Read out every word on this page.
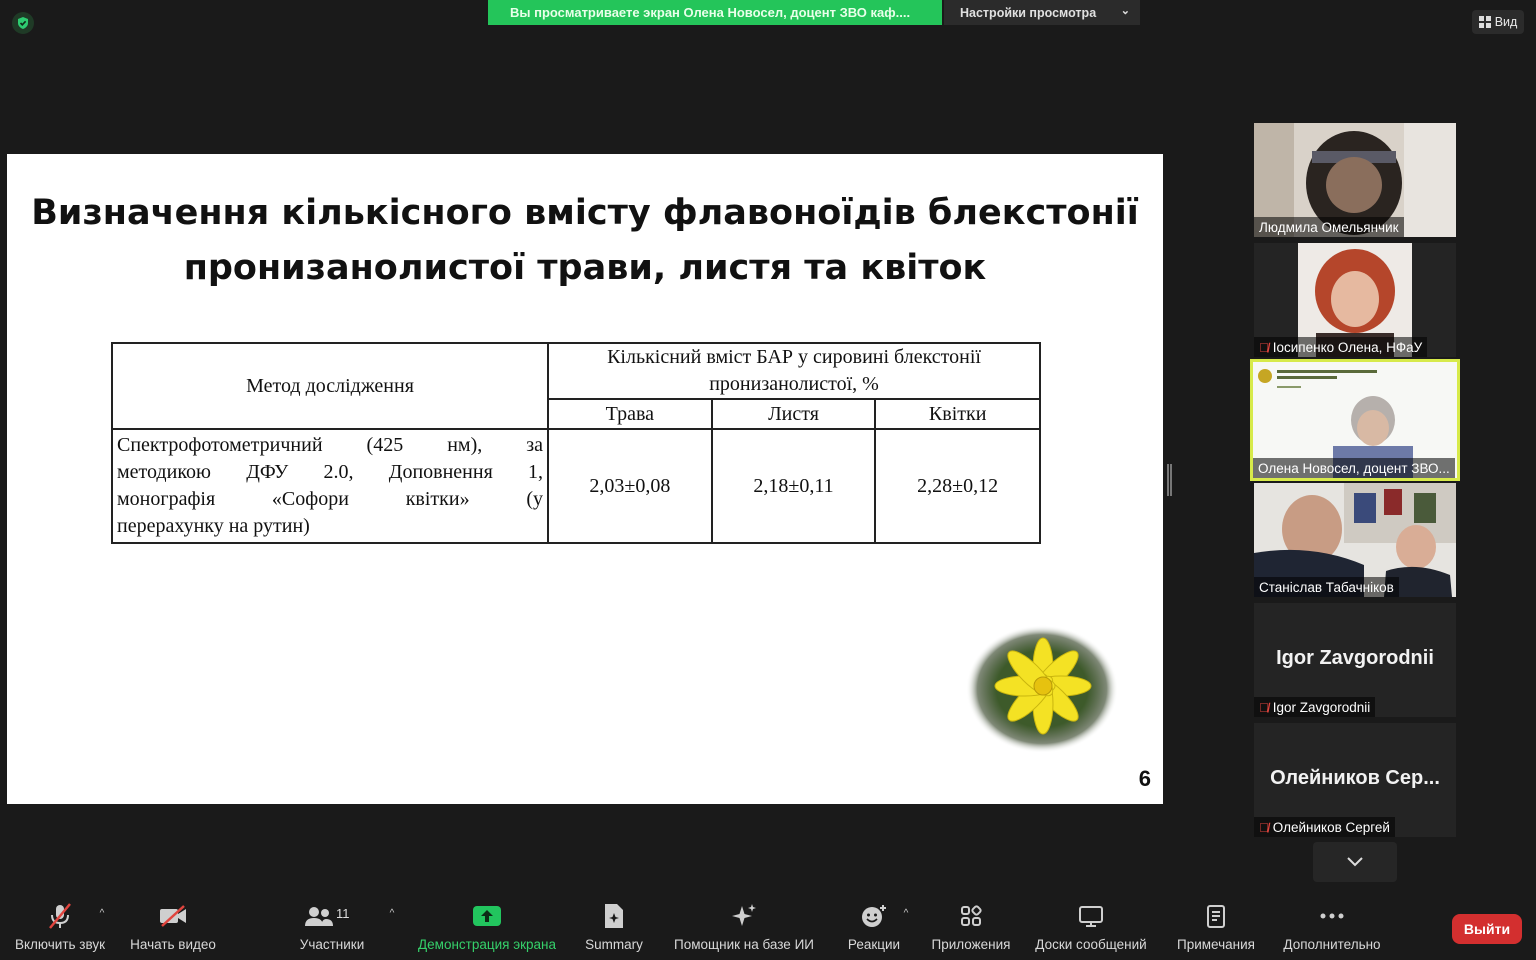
Вы просматриваете экран Олена Новосел, доцент ЗВО каф....	Настройки просмотра ⌄
Вид
Визначення кількісного вмісту флавоноїдів блекстонії
пронизанолистої трави, листя та квіток
Метод дослідження	Кількісний вміст БАР у сировині блекстонії пронизанолистої, %		
	Трава	Листя	Квітки
Спектрофотометричний (425 нм), за
методикою ДФУ 2.0, Доповнення 1,
монографія «Софори квітки» (у
перерахунку на рутин)	2,03±0,08	2,18±0,11	2,28±0,12
6
Людмила Омельянчик
🎙̸ Іосипенко Олена, НФаУ
Олена Новосел, доцент ЗВО...
Станіслав Табачніков
Igor Zavgorodnii
🎙̸ Igor Zavgorodnii
Олейников Сер...
🎙̸ Олейников Сергей
Включить звук
^
Начать видео
11
Участники
^
Демонстрация экрана Summary Помощник на базе ИИ	Реакции
^
Приложения Доски сообщений Примечания Дополнительно
Выйти
